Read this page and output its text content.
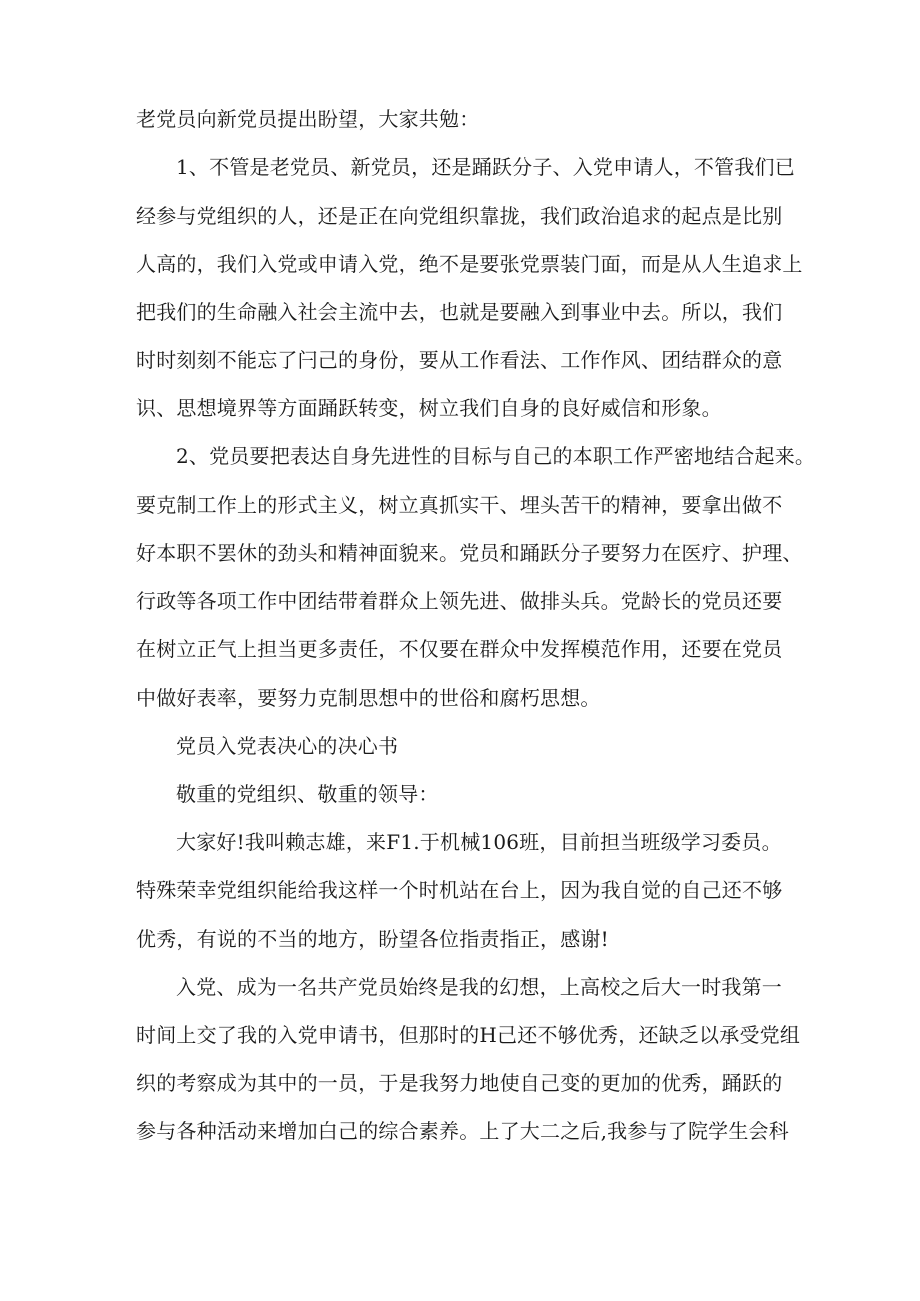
老党员向新党员提出盼望，大家共勉：
1、不管是老党员、新党员，还是踊跃分子、入党申请人，不管我们已
经参与党组织的人，还是正在向党组织靠拢，我们政治追求的起点是比别
人高的，我们入党或申请入党，绝不是要张党票装门面，而是从人生追求上
把我们的生命融入社会主流中去，也就是要融入到事业中去。所以，我们
时时刻刻不能忘了闩己的身份，要从工作看法、工作作风、团结群众的意
识、思想境界等方面踊跃转变，树立我们自身的良好威信和形象。
2、党员要把表达自身先进性的目标与自己的本职工作严密地结合起来。
要克制工作上的形式主义，树立真抓实干、埋头苦干的精神，要拿出做不
好本职不罢休的劲头和精神面貌来。党员和踊跃分子要努力在医疗、护理、
行政等各项工作中团结带着群众上领先进、做排头兵。党龄长的党员还要
在树立正气上担当更多责任，不仅要在群众中发挥模范作用，还要在党员
中做好表率，要努力克制思想中的世俗和腐朽思想。
党员入党表决心的决心书
敬重的党组织、敬重的领导：
大家好!我叫赖志雄，来F1.于机械106班，目前担当班级学习委员。
特殊荣幸党组织能给我这样一个时机站在台上，因为我自觉的自己还不够
优秀，有说的不当的地方，盼望各位指责指正，感谢!
入党、成为一名共产党员始终是我的幻想，上高校之后大一时我第一
时间上交了我的入党申请书，但那时的H己还不够优秀，还缺乏以承受党组
织的考察成为其中的一员，于是我努力地使自己变的更加的优秀，踊跃的
参与各种活动来增加白己的综合素养。上了大二之后,我参与了院学生会科
